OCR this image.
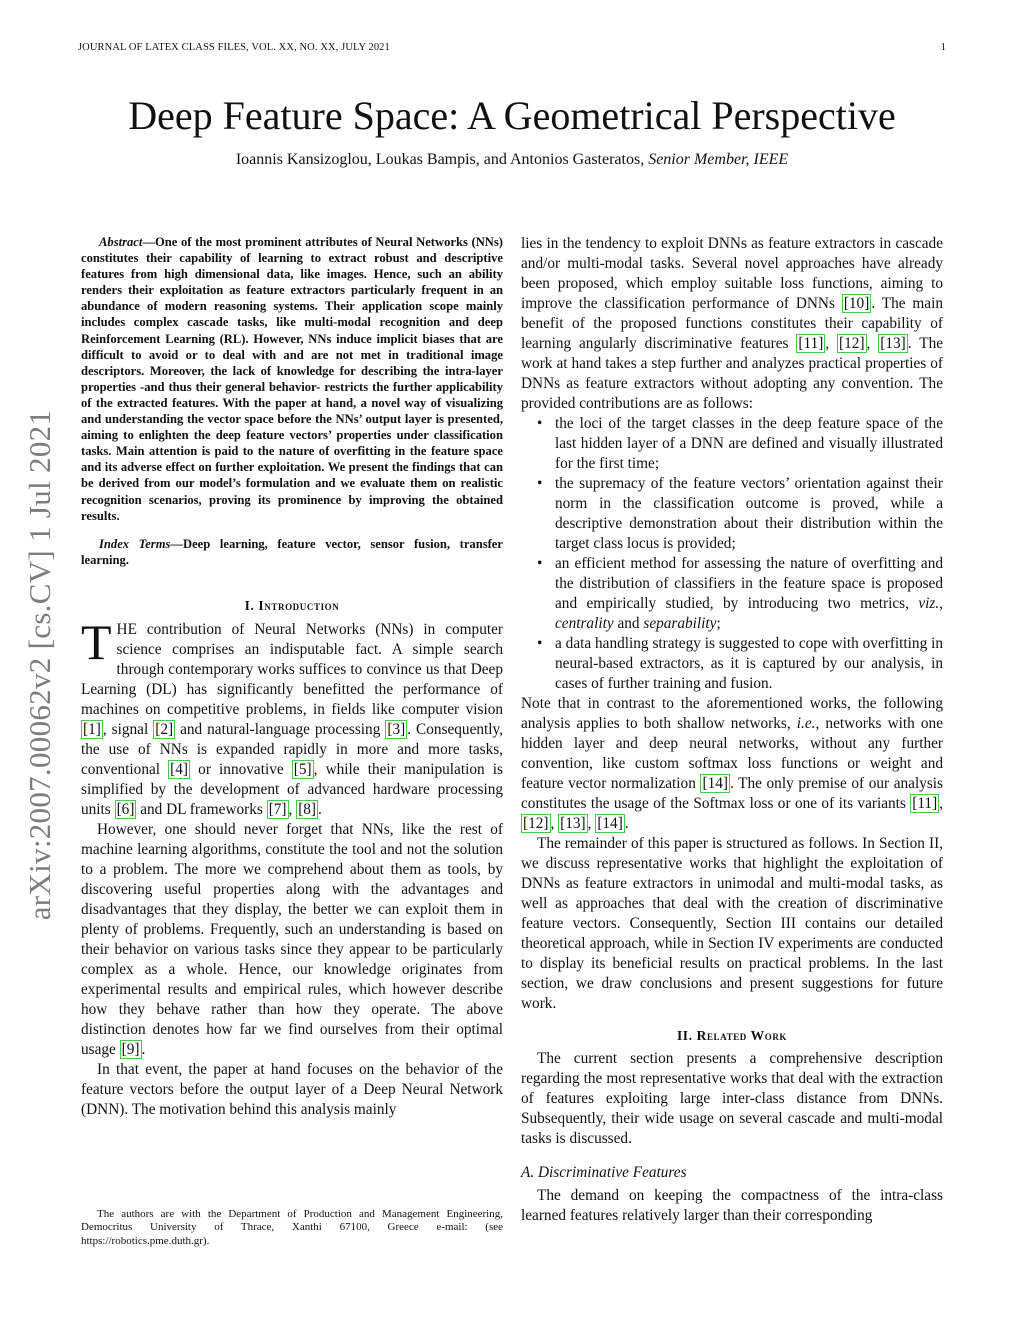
JOURNAL OF LATEX CLASS FILES, VOL. XX, NO. XX, JULY 2021	1
Deep Feature Space: A Geometrical Perspective
Ioannis Kansizoglou, Loukas Bampis, and Antonios Gasteratos, Senior Member, IEEE
arXiv:2007.00062v2 [cs.CV] 1 Jul 2021

Abstract—One of the most prominent attributes of Neural Networks (NNs) constitutes their capability of learning to extract robust and descriptive features from high dimensional data, like images. Hence, such an ability renders their exploitation as feature extractors particularly frequent in an abundance of modern reasoning systems. Their application scope mainly includes complex cascade tasks, like multi-modal recognition and deep Reinforcement Learning (RL). However, NNs induce implicit biases that are difficult to avoid or to deal with and are not met in traditional image descriptors. Moreover, the lack of knowledge for describing the intra-layer properties -and thus their general behavior- restricts the further applicability of the extracted features. With the paper at hand, a novel way of visualizing and understanding the vector space before the NNs’ output layer is presented, aiming to enlighten the deep feature vectors’ properties under classification tasks. Main attention is paid to the nature of overfitting in the feature space and its adverse effect on further exploitation. We present the findings that can be derived from our model’s formulation and we evaluate them on realistic recognition scenarios, proving its prominence by improving the obtained results.

Index Terms—Deep learning, feature vector, sensor fusion, transfer learning.

I. Introduction

THE contribution of Neural Networks (NNs) in computer science comprises an indisputable fact. A simple search through contemporary works suffices to convince us that Deep Learning (DL) has significantly benefitted the performance of machines on competitive problems, in fields like computer vision [1] , signal [2] and natural-language processing [3] . Consequently, the use of NNs is expanded rapidly in more and more tasks, conventional [4] or innovative [5] , while their manipulation is simplified by the development of advanced hardware processing units [6] and DL frameworks [7] , [8] .

However, one should never forget that NNs, like the rest of machine learning algorithms, constitute the tool and not the solution to a problem. The more we comprehend about them as tools, by discovering useful properties along with the advantages and disadvantages that they display, the better we can exploit them in plenty of problems. Frequently, such an understanding is based on their behavior on various tasks since they appear to be particularly complex as a whole. Hence, our knowledge originates from experimental results and empirical rules, which however describe how they behave rather than how they operate. The above distinction denotes how far we find ourselves from their optimal usage [9] .

In that event, the paper at hand focuses on the behavior of the feature vectors before the output layer of a Deep Neural Network (DNN). The motivation behind this analysis mainly

The authors are with the Department of Production and Management Engineering, Democritus University of Thrace, Xanthi 67100, Greece e-mail: (see https://robotics.pme.duth.gr).

lies in the tendency to exploit DNNs as feature extractors in cascade and/or multi-modal tasks. Several novel approaches have already been proposed, which employ suitable loss functions, aiming to improve the classification performance of DNNs [10] . The main benefit of the proposed functions constitutes their capability of learning angularly discriminative features [11] , [12] , [13] . The work at hand takes a step further and analyzes practical properties of DNNs as feature extractors without adopting any convention. The provided contributions are as follows:

• the loci of the target classes in the deep feature space of the last hidden layer of a DNN are defined and visually illustrated for the first time;
• the supremacy of the feature vectors’ orientation against their norm in the classification outcome is proved, while a descriptive demonstration about their distribution within the target class locus is provided;
• an efficient method for assessing the nature of overfitting and the distribution of classifiers in the feature space is proposed and empirically studied, by introducing two metrics, viz., centrality and separability;
• a data handling strategy is suggested to cope with overfitting in neural-based extractors, as it is captured by our analysis, in cases of further training and fusion.

Note that in contrast to the aforementioned works, the following analysis applies to both shallow networks, i.e., networks with one hidden layer and deep neural networks, without any further convention, like custom softmax loss functions or weight and feature vector normalization [14] . The only premise of our analysis constitutes the usage of the Softmax loss or one of its variants [11] , [12] , [13] , [14] .

The remainder of this paper is structured as follows. In Section II, we discuss representative works that highlight the exploitation of DNNs as feature extractors in unimodal and multi-modal tasks, as well as approaches that deal with the creation of discriminative feature vectors. Consequently, Section III contains our detailed theoretical approach, while in Section IV experiments are conducted to display its beneficial results on practical problems. In the last section, we draw conclusions and present suggestions for future work.

II. Related Work

The current section presents a comprehensive description regarding the most representative works that deal with the extraction of features exploiting large inter-class distance from DNNs. Subsequently, their wide usage on several cascade and multi-modal tasks is discussed.

A. Discriminative Features

The demand on keeping the compactness of the intra-class learned features relatively larger than their corresponding
